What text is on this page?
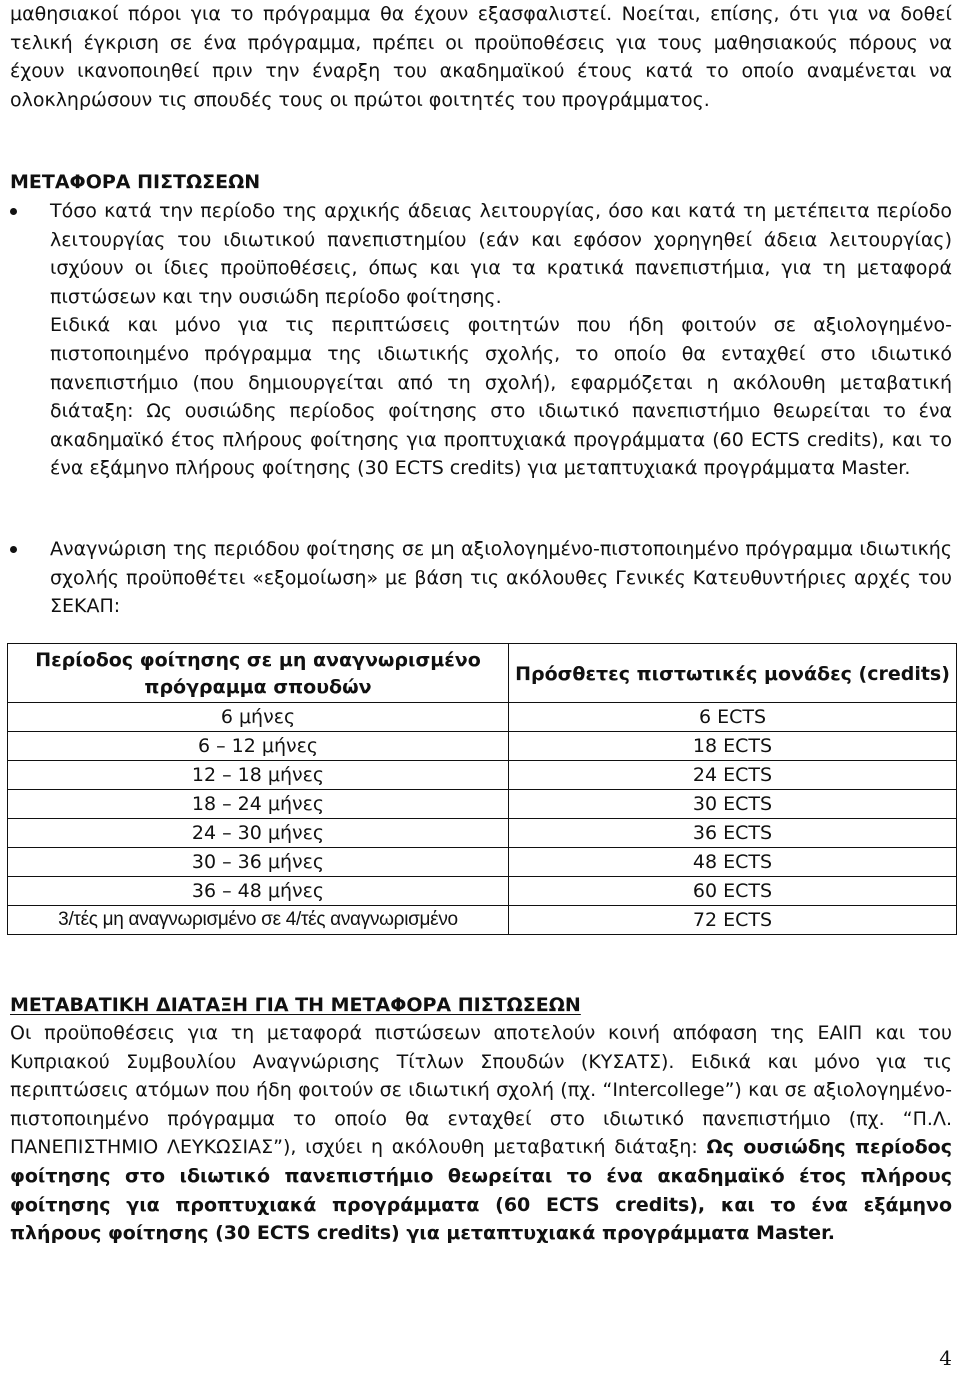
μαθησιακοί πόροι για το πρόγραμμα θα έχουν εξασφαλιστεί. Νοείται, επίσης, ότι για να δοθεί τελική έγκριση σε ένα πρόγραμμα, πρέπει οι προϋποθέσεις για τους μαθησιακούς πόρους να έχουν ικανοποιηθεί πριν την έναρξη του ακαδημαϊκού έτους κατά το οποίο αναμένεται να ολοκληρώσουν τις σπουδές τους οι πρώτοι φοιτητές του προγράμματος.

ΜΕΤΑΦΟΡΑ ΠΙΣΤΩΣΕΩΝ

Τόσο κατά την περίοδο της αρχικής άδειας λειτουργίας, όσο και κατά τη μετέπειτα περίοδο λειτουργίας του ιδιωτικού πανεπιστημίου (εάν και εφόσον χορηγηθεί άδεια λειτουργίας) ισχύουν οι ίδιες προϋποθέσεις, όπως και για τα κρατικά πανεπιστήμια, για τη μεταφορά πιστώσεων και την ουσιώδη περίοδο φοίτησης.

Ειδικά και μόνο για τις περιπτώσεις φοιτητών που ήδη φοιτούν σε αξιολογημένο-πιστοποιημένο πρόγραμμα της ιδιωτικής σχολής, το οποίο θα ενταχθεί στο ιδιωτικό πανεπιστήμιο (που δημιουργείται από τη σχολή), εφαρμόζεται η ακόλουθη μεταβατική διάταξη: Ως ουσιώδης περίοδος φοίτησης στο ιδιωτικό πανεπιστήμιο θεωρείται το ένα ακαδημαϊκό έτος πλήρους φοίτησης για προπτυχιακά προγράμματα (60 ECTS credits), και το ένα εξάμηνο πλήρους φοίτησης (30 ECTS credits) για μεταπτυχιακά προγράμματα Master.

Αναγνώριση της περιόδου φοίτησης σε μη αξιολογημένο-πιστοποιημένο πρόγραμμα ιδιωτικής σχολής προϋποθέτει «εξομοίωση» με βάση τις ακόλουθες Γενικές Κατευθυντήριες αρχές του ΣΕΚΑΠ:

Περίοδος φοίτησης σε μη αναγνωρισμένο πρόγραμμα σπουδών	Πρόσθετες πιστωτικές μονάδες (credits)
6 μήνες	6 ECTS
6 – 12 μήνες	18 ECTS
12 – 18 μήνες	24 ECTS
18 – 24 μήνες	30 ECTS
24 – 30 μήνες	36 ECTS
30 – 36 μήνες	48 ECTS
36 – 48 μήνες	60 ECTS
3/τές μη αναγνωρισμένο σε 4/τές αναγνωρισμένο	72 ECTS

ΜΕΤΑΒΑΤΙΚΗ ΔΙΑΤΑΞΗ ΓΙΑ ΤΗ ΜΕΤΑΦΟΡΑ ΠΙΣΤΩΣΕΩΝ

Οι προϋποθέσεις για τη μεταφορά πιστώσεων αποτελούν κοινή απόφαση της ΕΑΙΠ και του Κυπριακού Συμβουλίου Αναγνώρισης Τίτλων Σπουδών (ΚΥΣΑΤΣ). Ειδικά και μόνο για τις περιπτώσεις ατόμων που ήδη φοιτούν σε ιδιωτική σχολή (πχ. “Intercollege”) και σε αξιολογημένο-πιστοποιημένο πρόγραμμα το οποίο θα ενταχθεί στο ιδιωτικό πανεπιστήμιο (πχ. “Π.Λ. ΠΑΝΕΠΙΣΤΗΜΙΟ ΛΕΥΚΩΣΙΑΣ”), ισχύει η ακόλουθη μεταβατική διάταξη: Ως ουσιώδης περίοδος φοίτησης στο ιδιωτικό πανεπιστήμιο θεωρείται το ένα ακαδημαϊκό έτος πλήρους φοίτησης για προπτυχιακά προγράμματα (60 ECTS credits), και το ένα εξάμηνο πλήρους φοίτησης (30 ECTS credits) για μεταπτυχιακά προγράμματα Master.

4
